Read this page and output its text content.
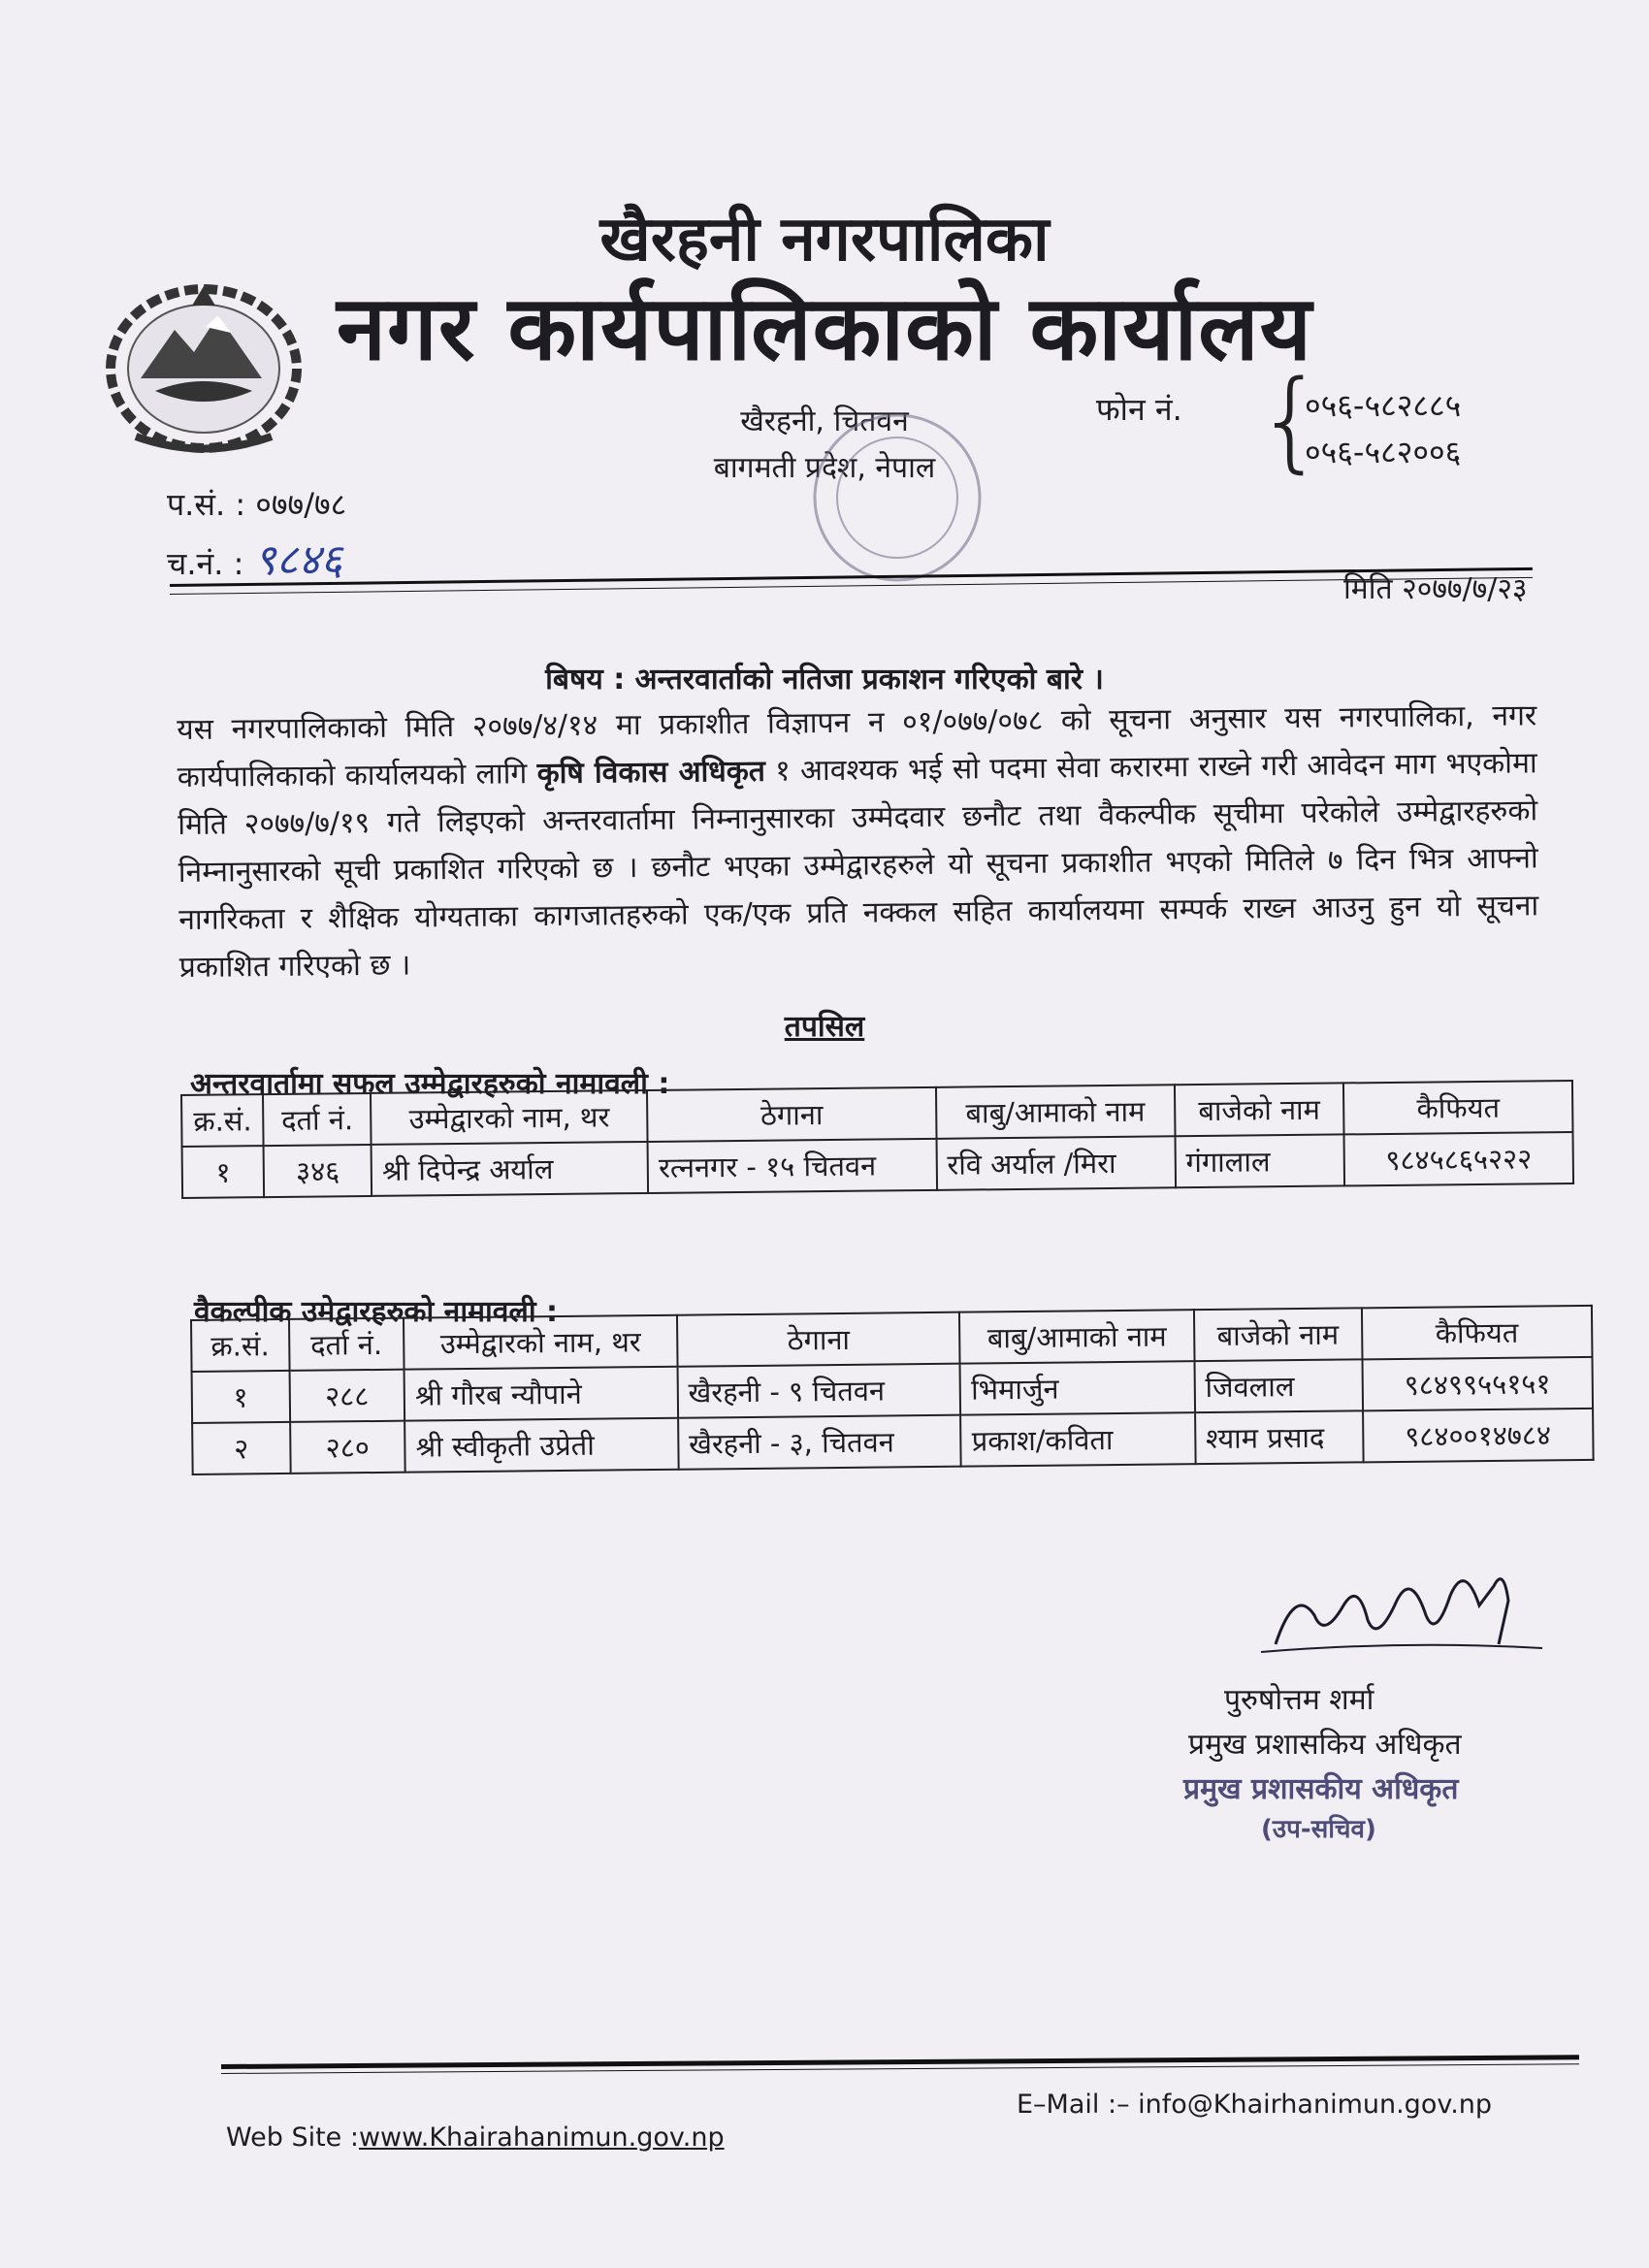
खैरहनी नगरपालिका
नगर कार्यपालिकाको कार्यालय
खैरहनी, चितवन
बागमती प्रदेश, नेपाल
फोन नं. {
०५६-५८२८८५
०५६-५८२००६
प.सं. : ०७७/७८
च.नं. : ९८४६
मिति २०७७/७/२३
बिषय : अन्तरवार्ताको नतिजा प्रकाशन गरिएको बारे ।
यस नगरपालिकाको मिति २०७७/४/१४ मा प्रकाशीत विज्ञापन न ०१/०७७/०७८ को सूचना अनुसार यस नगरपालिका, नगर कार्यपालिकाको कार्यालयको लागि कृषि विकास अधिकृत १ आवश्यक भई सो पदमा सेवा करारमा राख्ने गरी आवेदन माग भएकोमा मिति २०७७/७/१९ गते लिइएको अन्तरवार्तामा निम्नानुसारका उम्मेदवार छनौट तथा वैकल्पीक सूचीमा परेकोले उम्मेद्वारहरुको निम्नानुसारको सूची प्रकाशित गरिएको छ । छनौट भएका उम्मेद्वारहरुले यो सूचना प्रकाशीत भएको मितिले ७ दिन भित्र आफ्नो नागरिकता र शैक्षिक योग्यताका कागजातहरुको एक/एक प्रति नक्कल सहित कार्यालयमा सम्पर्क राख्न आउनु हुन यो सूचना प्रकाशित गरिएको छ ।
तपसिल
अन्तरवार्तामा सफल उम्मेद्वारहरुको नामावली :
क्र.सं.	दर्ता नं.	उम्मेद्वारको नाम, थर	ठेगाना	बाबु/आमाको नाम	बाजेको नाम	कैफियत
१	३४६	श्री दिपेन्द्र अर्याल	रत्ननगर - १५ चितवन	रवि अर्याल /मिरा	गंगालाल	९८४५८६५२२२
वैकल्पीक उमेद्वारहरुको नामावली :
क्र.सं.	दर्ता नं.	उम्मेद्वारको नाम, थर	ठेगाना	बाबु/आमाको नाम	बाजेको नाम	कैफियत
१	२८८	श्री गौरब न्यौपाने	खैरहनी - ९ चितवन	भिमार्जुन	जिवलाल	९८४९९५५१५१
२	२८०	श्री स्वीकृती उप्रेती	खैरहनी - ३, चितवन	प्रकाश/कविता	श्याम प्रसाद	९८४००१४७८४
पुरुषोत्तम शर्मा
प्रमुख प्रशासकिय अधिकृत
प्रमुख प्रशासकीय अधिकृत
(उप-सचिव)
Web Site :www.Khairahanimun.gov.np
E–Mail :– info@Khairhanimun.gov.np
